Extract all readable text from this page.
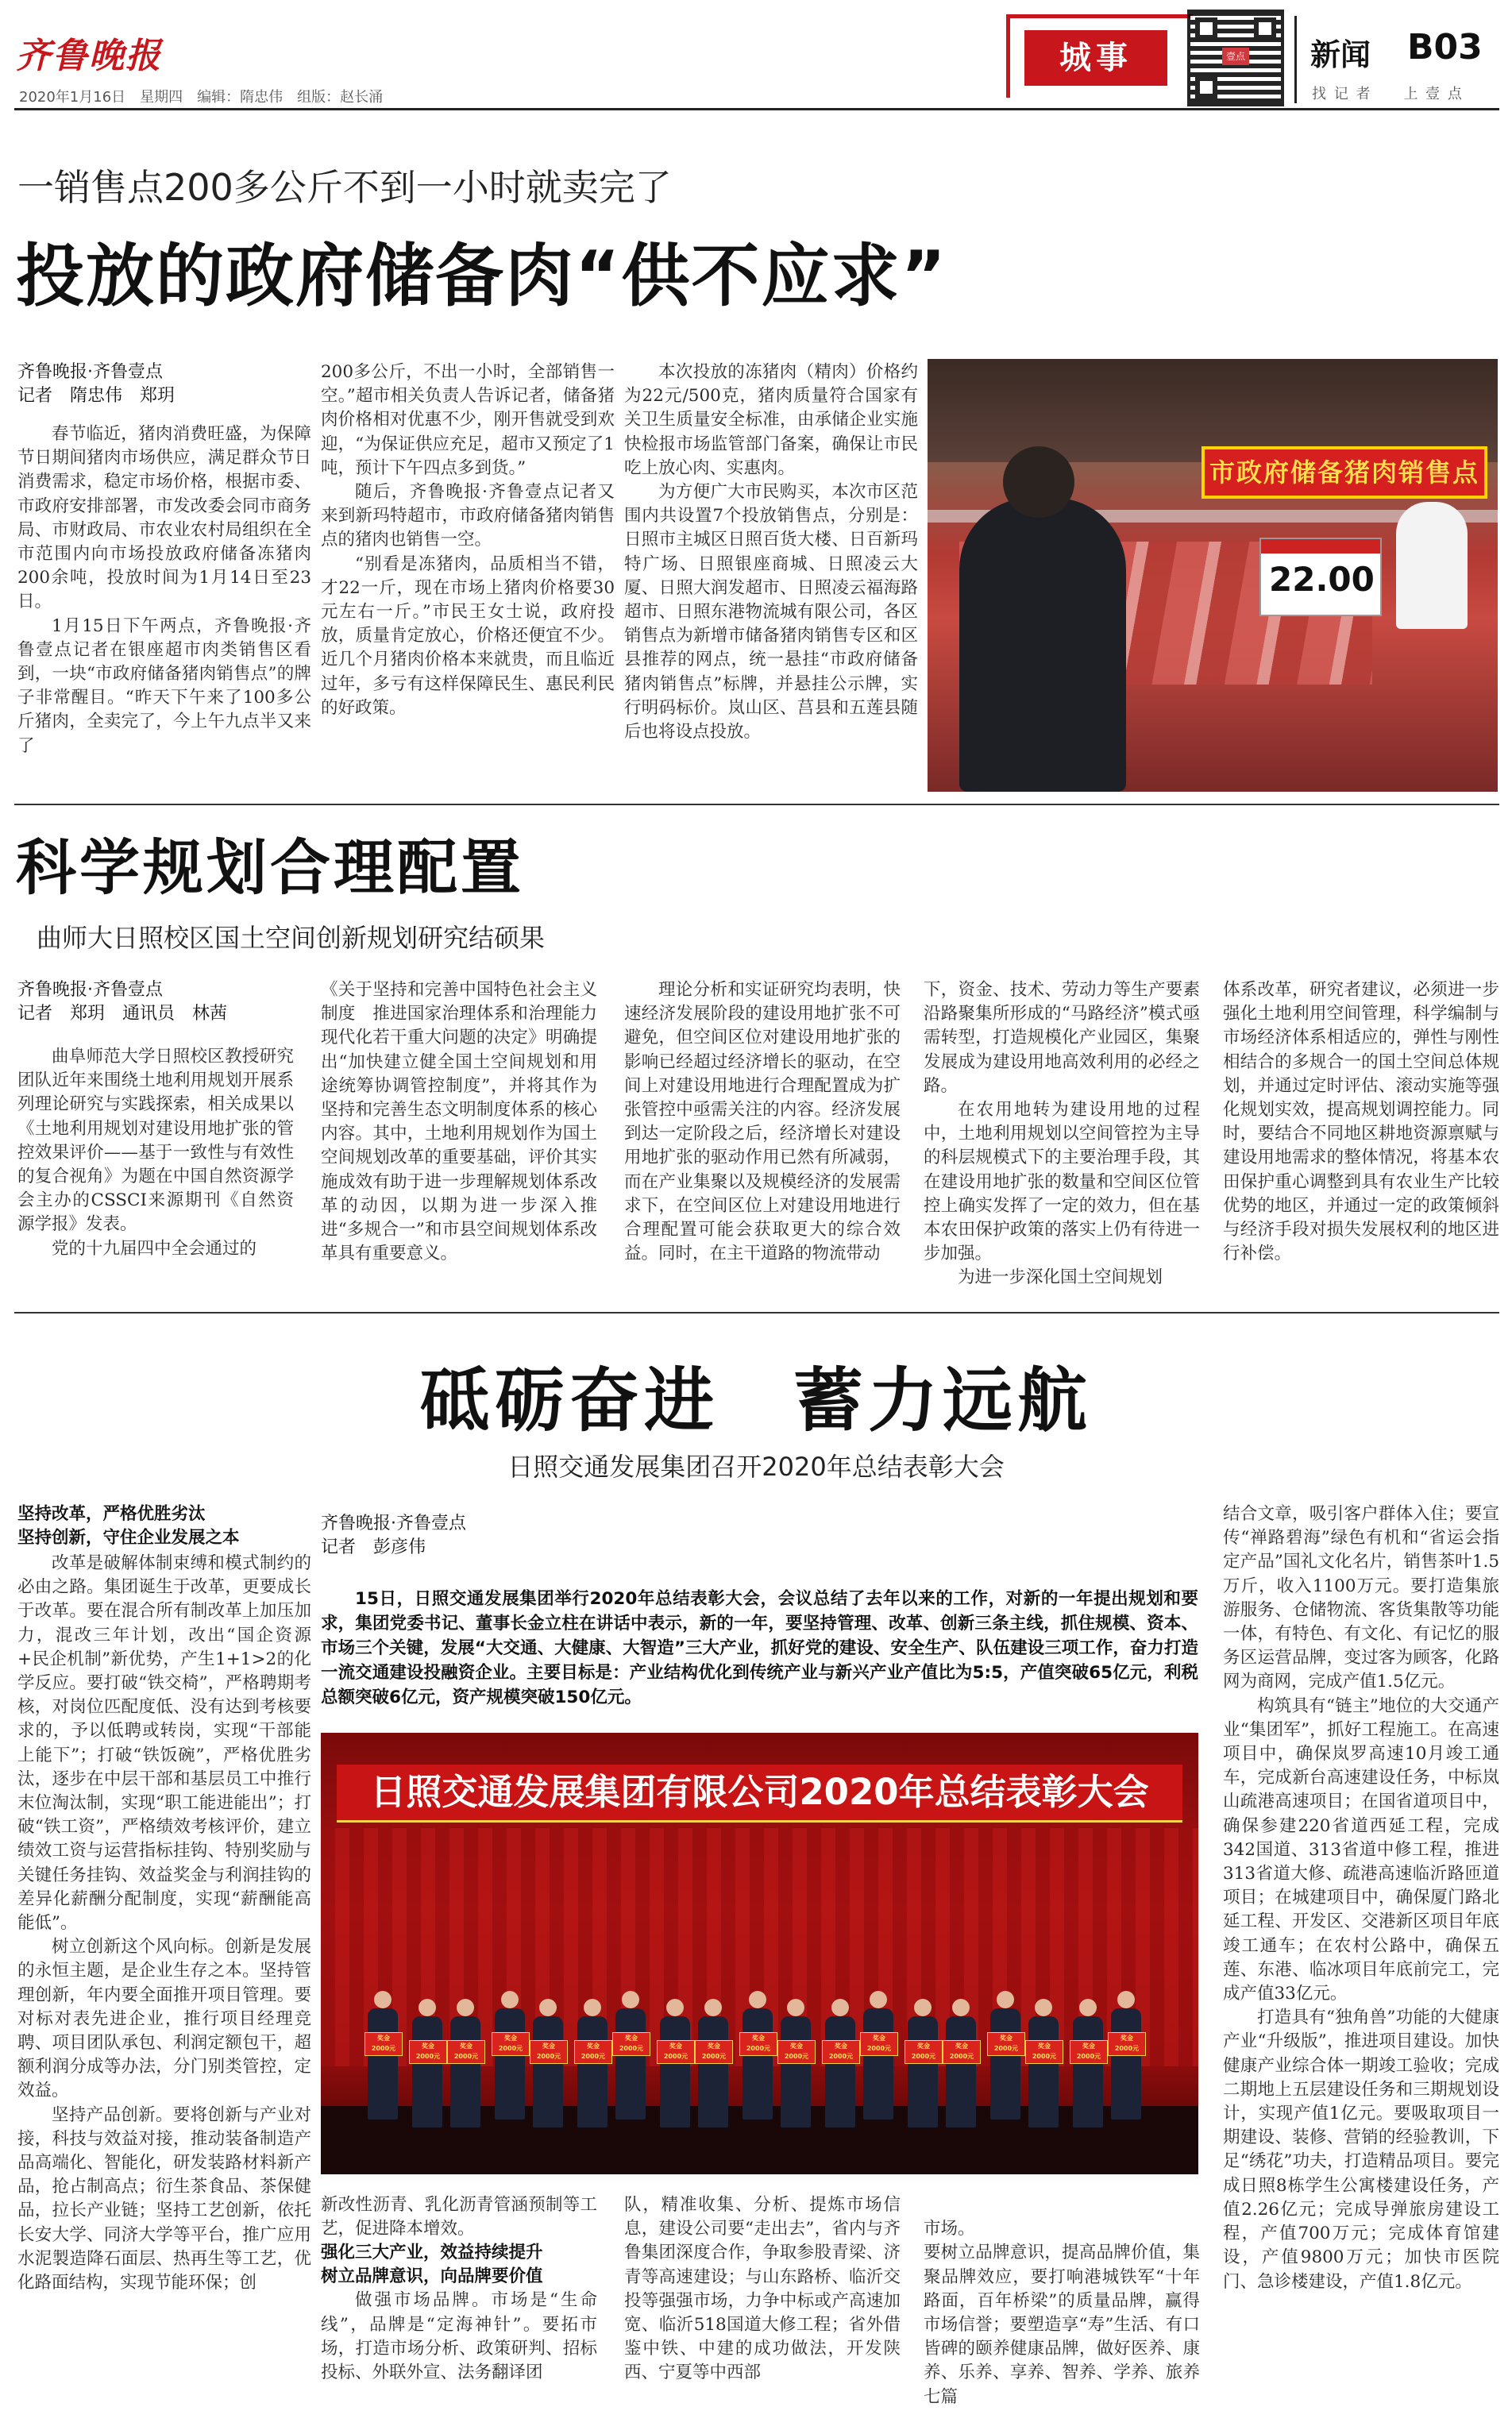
齐鲁晚报
2020年1月16日　星期四　编辑：隋忠伟　组版：赵长涌
城事	壹点 新闻 B03
找 记 者　　上 壹 点
一销售点200多公斤不到一小时就卖完了
投放的政府储备肉“供不应求”
齐鲁晚报·齐鲁壹点
记者　隋忠伟　郑玥

春节临近，猪肉消费旺盛，为保障节日期间猪肉市场供应，满足群众节日消费需求，稳定市场价格，根据市委、市政府安排部署，市发改委会同市商务局、市财政局、市农业农村局组织在全市范围内向市场投放政府储备冻猪肉200余吨，投放时间为1月14日至23日。

1月15日下午两点，齐鲁晚报·齐鲁壹点记者在银座超市肉类销售区看到，一块“市政府储备猪肉销售点”的牌子非常醒目。“昨天下午来了100多公斤猪肉，全卖完了，今上午九点半又来了

200多公斤，不出一小时，全部销售一空。”超市相关负责人告诉记者，储备猪肉价格相对优惠不少，刚开售就受到欢迎，“为保证供应充足，超市又预定了1吨，预计下午四点多到货。”

随后，齐鲁晚报·齐鲁壹点记者又来到新玛特超市，市政府储备猪肉销售点的猪肉也销售一空。

“别看是冻猪肉，品质相当不错，才22一斤，现在市场上猪肉价格要30元左右一斤。”市民王女士说，政府投放，质量肯定放心，价格还便宜不少。近几个月猪肉价格本来就贵，而且临近过年，多亏有这样保障民生、惠民利民的好政策。

本次投放的冻猪肉（精肉）价格约为22元/500克，猪肉质量符合国家有关卫生质量安全标准，由承储企业实施快检报市场监管部门备案，确保让市民吃上放心肉、实惠肉。

为方便广大市民购买，本次市区范围内共设置7个投放销售点，分别是：日照市主城区日照百货大楼、日百新玛特广场、日照银座商城、日照凌云大厦、日照大润发超市、日照凌云福海路超市、日照东港物流城有限公司，各区销售点为新增市储备猪肉销售专区和区县推荐的网点，统一悬挂“市政府储备猪肉销售点”标牌，并悬挂公示牌，实行明码标价。岚山区、莒县和五莲县随后也将设点投放。

市政府储备猪肉销售点
22.00
科学规划合理配置
曲师大日照校区国土空间创新规划研究结硕果
齐鲁晚报·齐鲁壹点
记者　郑玥　通讯员　林茜

曲阜师范大学日照校区教授研究团队近年来围绕土地利用规划开展系列理论研究与实践探索，相关成果以《土地利用规划对建设用地扩张的管控效果评价——基于一致性与有效性的复合视角》为题在中国自然资源学会主办的CSSCI来源期刊《自然资源学报》发表。

党的十九届四中全会通过的

《关于坚持和完善中国特色社会主义制度　推进国家治理体系和治理能力现代化若干重大问题的决定》明确提出“加快建立健全国土空间规划和用途统筹协调管控制度”，并将其作为坚持和完善生态文明制度体系的核心内容。其中，土地利用规划作为国土空间规划改革的重要基础，评价其实施成效有助于进一步理解规划体系改革的动因，以期为进一步深入推进“多规合一”和市县空间规划体系改革具有重要意义。

理论分析和实证研究均表明，快速经济发展阶段的建设用地扩张不可避免，但空间区位对建设用地扩张的影响已经超过经济增长的驱动，在空间上对建设用地进行合理配置成为扩张管控中亟需关注的内容。经济发展到达一定阶段之后，经济增长对建设用地扩张的驱动作用已然有所减弱，而在产业集聚以及规模经济的发展需求下，在空间区位上对建设用地进行合理配置可能会获取更大的综合效益。同时，在主干道路的物流带动

下，资金、技术、劳动力等生产要素沿路聚集所形成的“马路经济”模式亟需转型，打造规模化产业园区，集聚发展成为建设用地高效利用的必经之路。

在农用地转为建设用地的过程中，土地利用规划以空间管控为主导的科层规模式下的主要治理手段，其在建设用地扩张的数量和空间区位管控上确实发挥了一定的效力，但在基本农田保护政策的落实上仍有待进一步加强。

为进一步深化国土空间规划

体系改革，研究者建议，必须进一步强化土地利用空间管理，科学编制与市场经济体系相适应的，弹性与刚性相结合的多规合一的国土空间总体规划，并通过定时评估、滚动实施等强化规划实效，提高规划调控能力。同时，要结合不同地区耕地资源禀赋与建设用地需求的整体情况，将基本农田保护重心调整到具有农业生产比较优势的地区，并通过一定的政策倾斜与经济手段对损失发展权利的地区进行补偿。

砥砺奋进　蓄力远航
日照交通发展集团召开2020年总结表彰大会
坚持改革，严格优胜劣汰
坚持创新，守住企业发展之本

改革是破解体制束缚和模式制约的必由之路。集团诞生于改革，更要成长于改革。要在混合所有制改革上加压加力，混改三年计划，改出“国企资源+民企机制”新优势，产生1+1>2的化学反应。要打破“铁交椅”，严格聘期考核，对岗位匹配度低、没有达到考核要求的，予以低聘或转岗，实现“干部能上能下”；打破“铁饭碗”，严格优胜劣汰，逐步在中层干部和基层员工中推行末位淘汰制，实现“职工能进能出”；打破“铁工资”，严格绩效考核评价，建立绩效工资与运营指标挂钩、特别奖励与关键任务挂钩、效益奖金与利润挂钩的差异化薪酬分配制度，实现“薪酬能高能低”。

树立创新这个风向标。创新是发展的永恒主题，是企业生存之本。坚持管理创新，年内要全面推开项目管理。要对标对表先进企业，推行项目经理竞聘、项目团队承包、利润定额包干，超额利润分成等办法，分门别类管控，定效益。

坚持产品创新。要将创新与产业对接，科技与效益对接，推动装备制造产品高端化、智能化，研发装路材料新产品，抢占制高点；衍生茶食品、茶保健品，拉长产业链；坚持工艺创新，依托长安大学、同济大学等平台，推广应用水泥製造降石面层、热再生等工艺，优化路面结构，实现节能环保；创

齐鲁晚报·齐鲁壹点
记者　彭彦伟
15日，日照交通发展集团举行2020年总结表彰大会，会议总结了去年以来的工作，对新的一年提出规划和要求，集团党委书记、董事长金立柱在讲话中表示，新的一年，要坚持管理、改革、创新三条主线，抓住规模、资本、市场三个关键，发展“大交通、大健康、大智造”三大产业，抓好党的建设、安全生产、队伍建设三项工作，奋力打造一流交通建设投融资企业。主要目标是：产业结构优化到传统产业与新兴产业产值比为5:5，产值突破65亿元，利税总额突破6亿元，资产规模突破150亿元。
日照交通发展集团有限公司2020年总结表彰大会
奖金
2000元	奖金
2000元
奖金
2000元
奖金
2000元	奖金
2000元
奖金
2000元
奖金
2000元	奖金
2000元
奖金
2000元
奖金
2000元	奖金
2000元
奖金
2000元
奖金
2000元	奖金
2000元
奖金
2000元
奖金
2000元	奖金
2000元
奖金
2000元
奖金
2000元

新改性沥青、乳化沥青管涵预制等工艺，促进降本增效。

强化三大产业，效益持续提升
树立品牌意识，向品牌要价值

做强市场品牌。市场是“生命线”，品牌是“定海神针”。要拓市场，打造市场分析、政策研判、招标投标、外联外宣、法务翻译团

队，精准收集、分析、提炼市场信息，建设公司要“走出去”，省内与齐鲁集团深度合作，争取参股青梁、济青等高速建设；与山东路桥、临沂交投等强强市场，力争中标或产高速加宽、临沂518国道大修工程；省外借鉴中铁、中建的成功做法，开发陕西、宁夏等中西部

市场。
要树立品牌意识，提高品牌价值，集聚品牌效应，要打响港城铁军“十年路面，百年桥梁”的质量品牌，赢得市场信誉；要塑造享“寿”生活、有口皆碑的颐养健康品牌，做好医养、康养、乐养、享养、智养、学养、旅养七篇

结合文章，吸引客户群体入住；要宣传“禅路碧海”绿色有机和“省运会指定产品”国礼文化名片，销售茶叶1.5万斤，收入1100万元。要打造集旅游服务、仓储物流、客货集散等功能一体，有特色、有文化、有记忆的服务区运营品牌，变过客为顾客，化路网为商网，完成产值1.5亿元。

构筑具有“链主”地位的大交通产业“集团军”，抓好工程施工。在高速项目中，确保岚罗高速10月竣工通车，完成新台高速建设任务，中标岚山疏港高速项目；在国省道项目中，确保参建220省道西延工程，完成342国道、313省道中修工程，推进313省道大修、疏港高速临沂路匝道项目；在城建项目中，确保厦门路北延工程、开发区、交港新区项目年底竣工通车；在农村公路中，确保五莲、东港、临冰项目年底前完工，完成产值33亿元。

打造具有“独角兽”功能的大健康产业“升级版”，推进项目建设。加快健康产业综合体一期竣工验收；完成二期地上五层建设任务和三期规划设计，实现产值1亿元。要吸取项目一期建设、装修、营销的经验教训，下足“绣花”功夫，打造精品项目。要完成日照8栋学生公寓楼建设任务，产值2.26亿元；完成导弹旅房建设工程，产值700万元；完成体育馆建设，产值9800万元；加快市医院门、急诊楼建设，产值1.8亿元。
